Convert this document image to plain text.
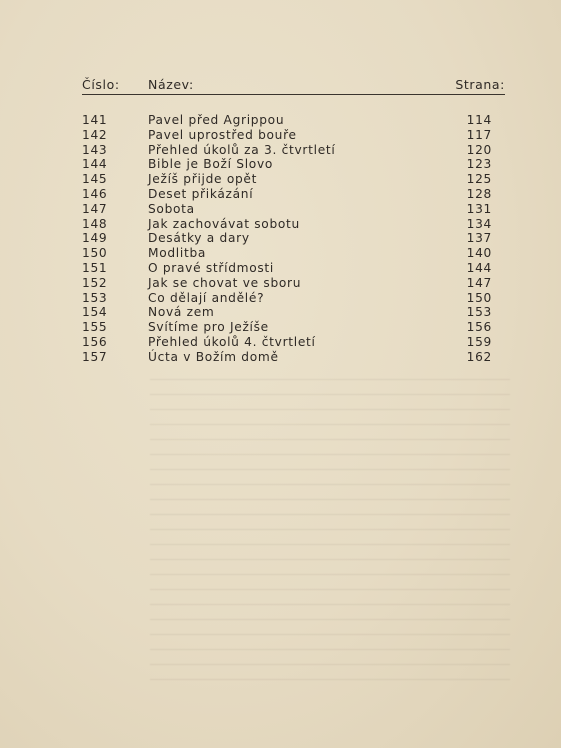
Číslo: Název:	Strana:
141	Pavel před Agrippou	114
142	Pavel uprostřed bouře	117
143	Přehled úkolů za 3. čtvrtletí	120
144	Bible je Boží Slovo	123
145	Ježíš přijde opět	125
146	Deset přikázání	128
147	Sobota	131
148	Jak zachovávat sobotu	134
149	Desátky a dary	137
150	Modlitba	140
151	O pravé střídmosti	144
152	Jak se chovat ve sboru	147
153	Co dělají andělé?	150
154	Nová zem	153
155	Svítíme pro Ježíše	156
156	Přehled úkolů 4. čtvrtletí	159
157	Úcta v Božím domě	162
